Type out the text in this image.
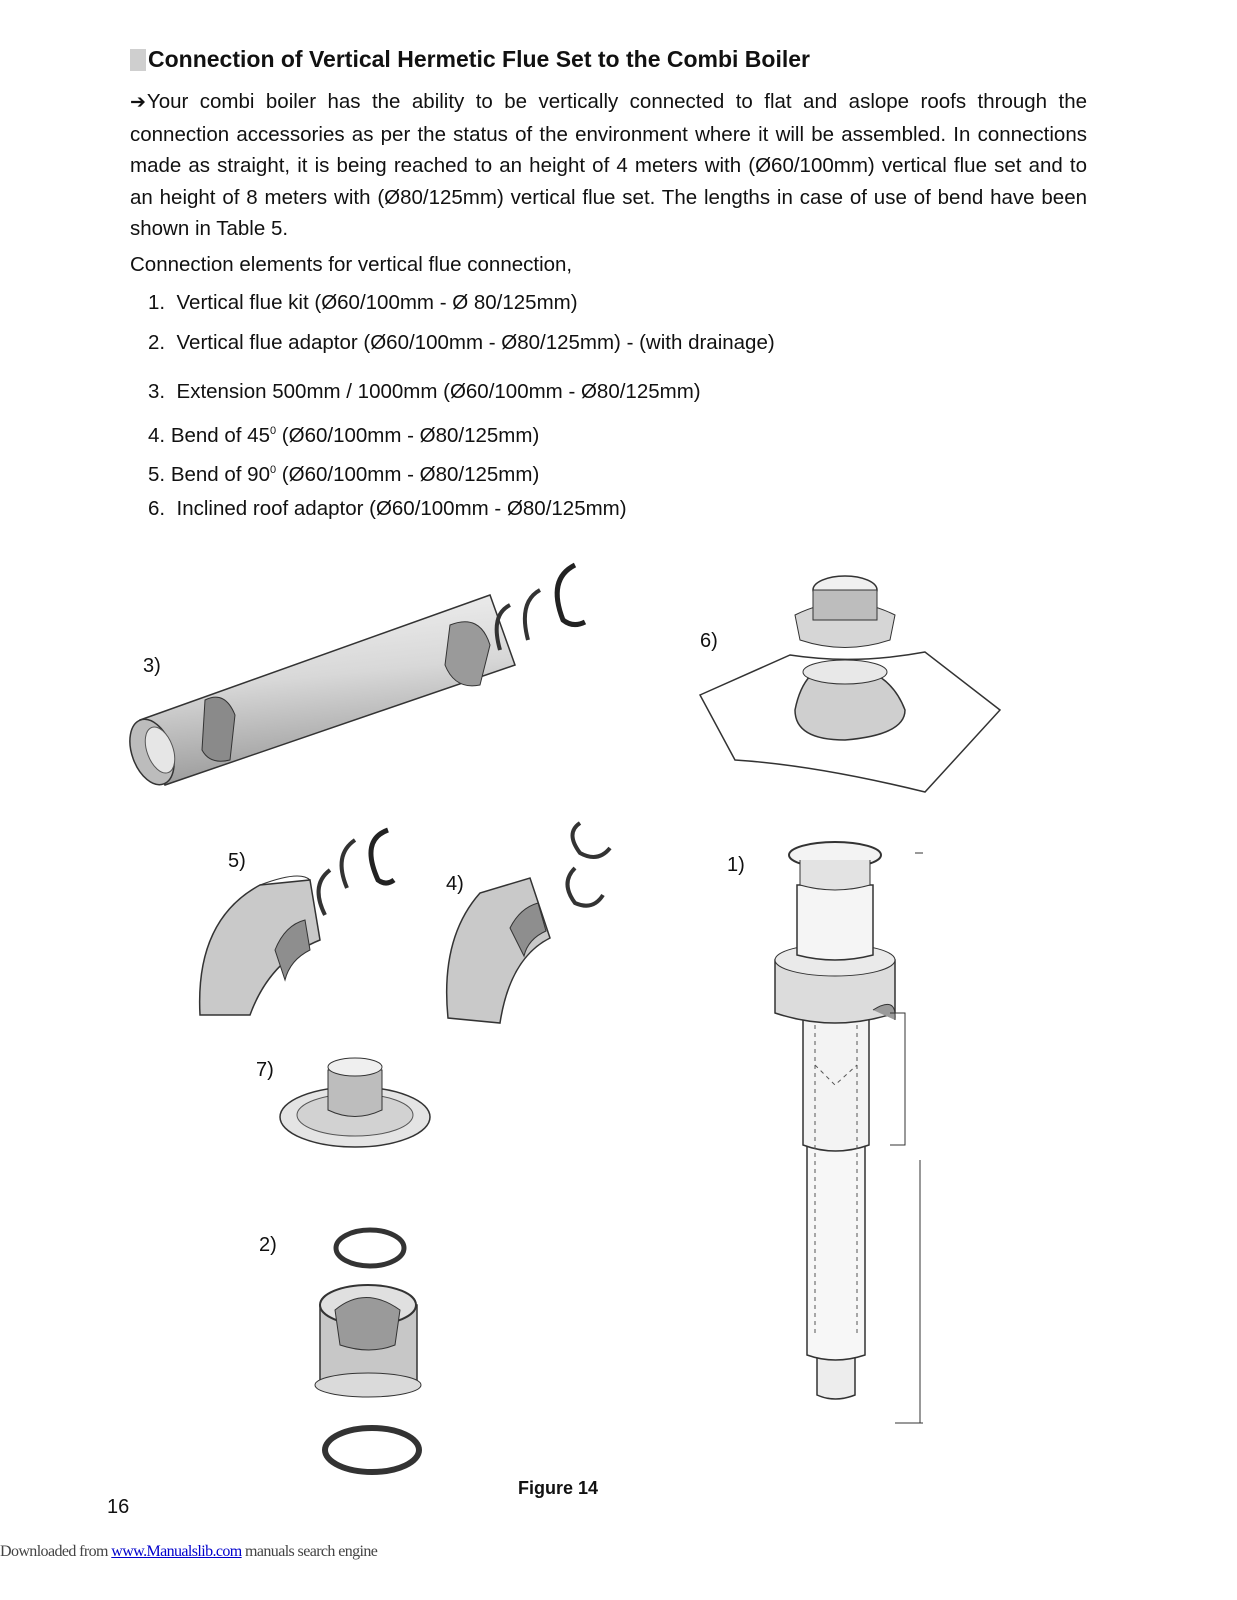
Connection of Vertical Hermetic Flue Set to the Combi Boiler
➔Your combi boiler has the ability to be vertically connected to flat and aslope roofs through the connection accessories as per the status of the environment where it will be assembled. In connections made as straight, it is being reached to an height of 4 meters with (Ø60/100mm) vertical flue set and to an height of 8 meters with (Ø80/125mm) vertical flue set. The lengths in case of use of bend have been shown in Table 5.
Connection elements for vertical flue connection,
1. Vertical flue kit (Ø60/100mm - Ø 80/125mm)
2. Vertical flue adaptor (Ø60/100mm - Ø80/125mm) - (with drainage)
3. Extension 500mm / 1000mm (Ø60/100mm - Ø80/125mm)
4. Bend of $45^0$ (Ø60/100mm - Ø80/125mm)
5. Bend of $90^0$ (Ø60/100mm - Ø80/125mm)
6. Inclined roof adaptor (Ø60/100mm - Ø80/125mm)
3)
6)
5)
4)
7)
2)
1)
Figure 14
16
Downloaded from www.Manualslib.com manuals search engine
